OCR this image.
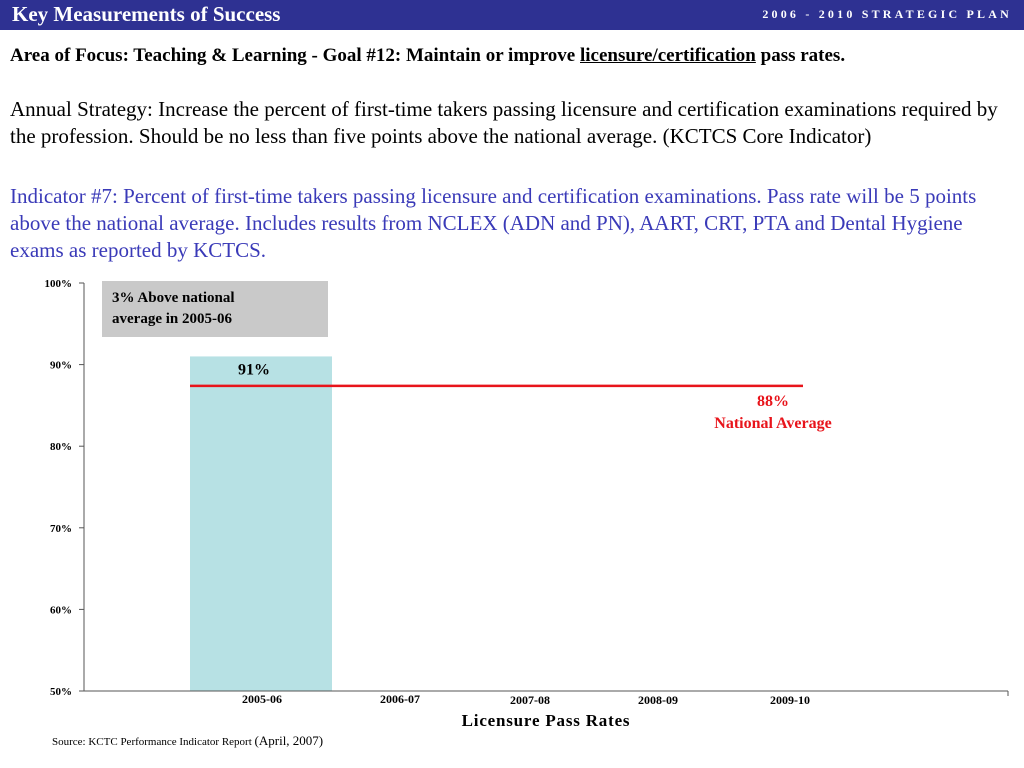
Key Measurements of Success	2006 - 2010 STRATEGIC PLAN
Area of Focus: Teaching & Learning - Goal #12: Maintain or improve licensure/certification pass rates.
Annual Strategy: Increase the percent of first-time takers passing licensure and certification examinations required by the profession. Should be no less than five points above the national average. (KCTCS Core Indicator)
Indicator #7: Percent of first-time takers passing licensure and certification examinations. Pass rate will be 5 points above the national average. Includes results from NCLEX (ADN and PN), AART, CRT, PTA and Dental Hygiene exams as reported by KCTCS.
50%
60%
70%
80%
90%
100%
2005-06	2006-07	2007-08	2008-09	2009-10
Licensure Pass Rates
91%
88%
National Average
3% Above national
average in 2005-06
Source: KCTC Performance Indicator Report (April, 2007)
